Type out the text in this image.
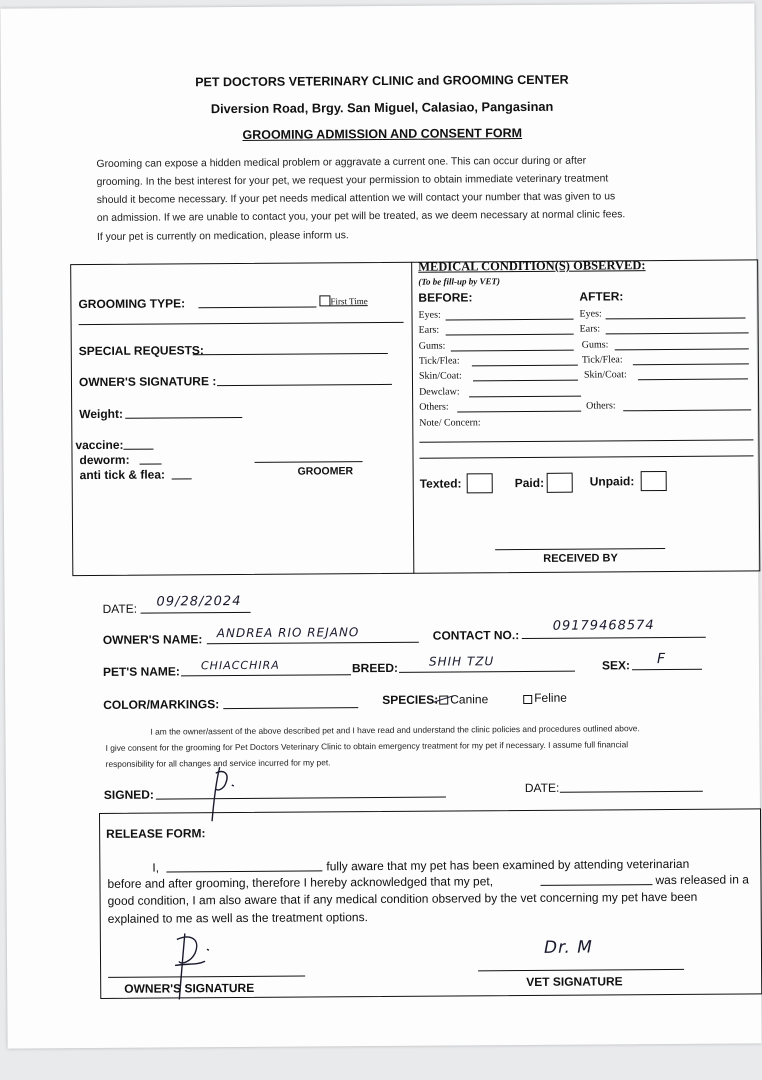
PET DOCTORS VETERINARY CLINIC and GROOMING CENTER
Diversion Road, Brgy. San Miguel, Calasiao, Pangasinan
GROOMING ADMISSION AND CONSENT FORM
Grooming can expose a hidden medical problem or aggravate a current one. This can occur during or after
grooming. In the best interest for your pet, we request your permission to obtain immediate veterinary treatment
should it become necessary. If your pet needs medical attention we will contact your number that was given to us
on admission. If we are unable to contact you, your pet will be treated, as we deem necessary at normal clinic fees.
If your pet is currently on medication, please inform us.
GROOMING TYPE:	First Time
SPECIAL REQUESTS:
OWNER'S SIGNATURE :
Weight:
vaccine:
deworm:
anti tick & flea:	GROOMER
MEDICAL CONDITION(S) OBSERVED:
(To be fill-up by VET)
BEFORE:	AFTER:
Eyes:	Eyes:
Ears:	Ears:
Gums:	Gums:
Tick/Flea:	Tick/Flea:
Skin/Coat:	Skin/Coat:
Dewclaw:
Others:	Others:
Note/ Concern:
Texted:	Paid:	Unpaid:
RECEIVED BY
DATE: 09/28/2024
OWNER'S NAME: ANDREA RIO REJANO	CONTACT NO.:
09179468574
PET'S NAME: CHIACCHIRA	BREED:	SHIH TZU	SEX: F
COLOR/MARKINGS:	SPECIES: Canine	Feline
I am the owner/assent of the above described pet and I have read and understand the clinic policies and procedures outlined above.
I give consent for the grooming for Pet Doctors Veterinary Clinic to obtain emergency treatment for my pet if necessary. I assume full financial
responsibility for all changes and service incurred for my pet.
SIGNED:	DATE:
RELEASE FORM:
I,	fully aware that my pet has been examined by attending veterinarian
before and after grooming, therefore I hereby acknowledged that my pet,	was released in a
good condition, I am also aware that if any medical condition observed by the vet concerning my pet have been
explained to me as well as the treatment options.
OWNER'S SIGNATURE
Dr. M
VET SIGNATURE
